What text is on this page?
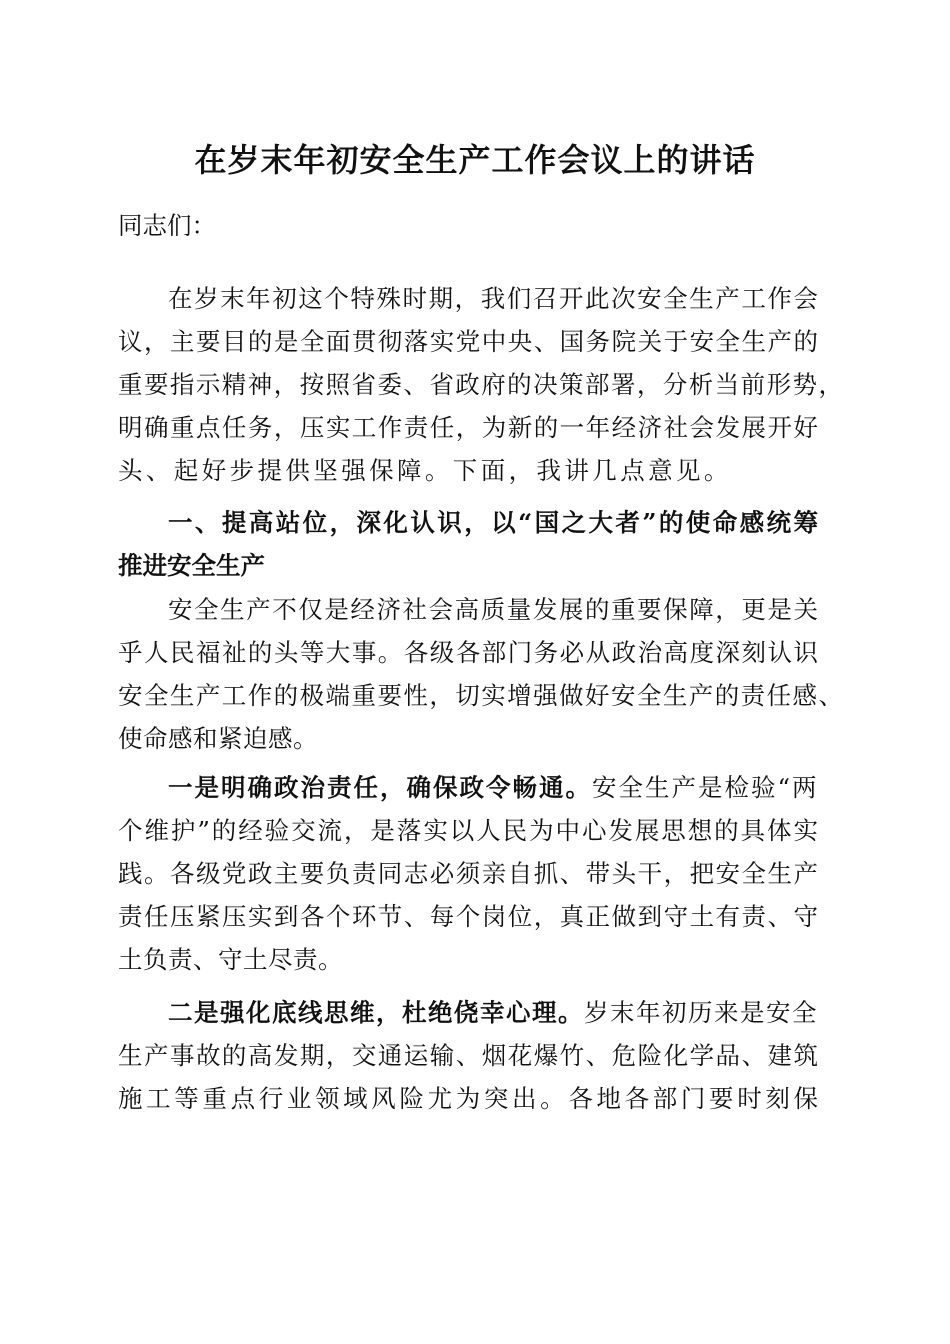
在岁末年初安全生产工作会议上的讲话
同志们：
在岁末年初这个特殊时期，我们召开此次安全生产工作会
议，主要目的是全面贯彻落实党中央、国务院关于安全生产的
重要指示精神，按照省委、省政府的决策部署，分析当前形势，
明确重点任务，压实工作责任，为新的一年经济社会发展开好
头、起好步提供坚强保障。下面，我讲几点意见。
一、提高站位，深化认识，以“国之大者”的使命感统筹
推进安全生产
安全生产不仅是经济社会高质量发展的重要保障，更是关
乎人民福祉的头等大事。各级各部门务必从政治高度深刻认识
安全生产工作的极端重要性，切实增强做好安全生产的责任感、
使命感和紧迫感。
一是明确政治责任，确保政令畅通。 安全生产是检验“两
个维护”的经验交流，是落实以人民为中心发展思想的具体实
践。各级党政主要负责同志必须亲自抓、带头干，把安全生产
责任压紧压实到各个环节、每个岗位，真正做到守土有责、守
土负责、守土尽责。
二是强化底线思维，杜绝侥幸心理。 岁末年初历来是安全
生产事故的高发期，交通运输、烟花爆竹、危险化学品、建筑
施工等重点行业领域风险尤为突出。各地各部门要时刻保
